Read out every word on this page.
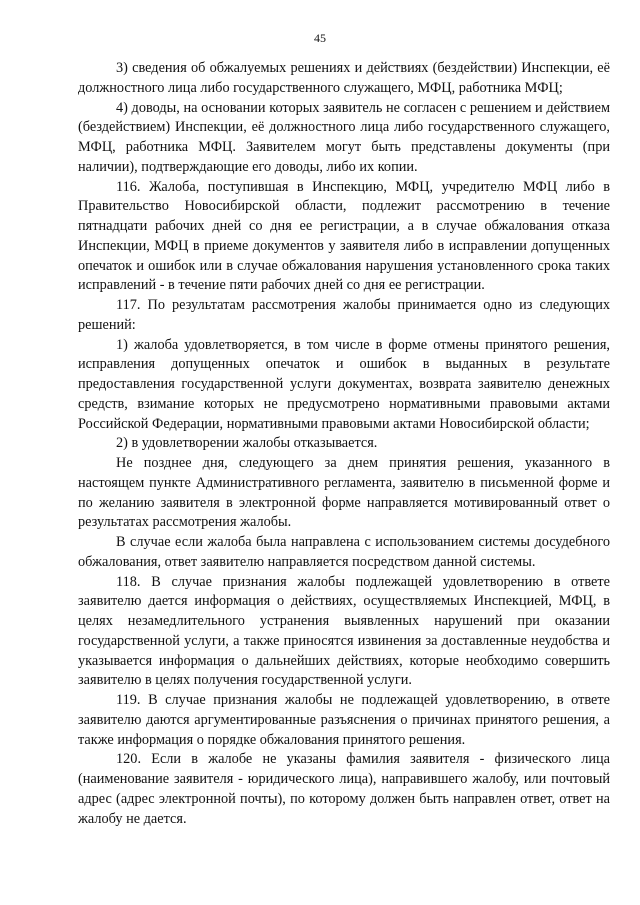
45

3) сведения об обжалуемых решениях и действиях (бездействии) Инспекции, её должностного лица либо государственного служащего, МФЦ, работника МФЦ;

4) доводы, на основании которых заявитель не согласен с решением и действием (бездействием) Инспекции, её должностного лица либо государственного служащего, МФЦ, работника МФЦ. Заявителем могут быть представлены документы (при наличии), подтверждающие его доводы, либо их копии.

116. Жалоба, поступившая в Инспекцию, МФЦ, учредителю МФЦ либо в Правительство Новосибирской области, подлежит рассмотрению в течение пятнадцати рабочих дней со дня ее регистрации, а в случае обжалования отказа Инспекции, МФЦ в приеме документов у заявителя либо в исправлении допущенных опечаток и ошибок или в случае обжалования нарушения установленного срока таких исправлений - в течение пяти рабочих дней со дня ее регистрации.

117. По результатам рассмотрения жалобы принимается одно из следующих решений:

1) жалоба удовлетворяется, в том числе в форме отмены принятого решения, исправления допущенных опечаток и ошибок в выданных в результате предоставления государственной услуги документах, возврата заявителю денежных средств, взимание которых не предусмотрено нормативными правовыми актами Российской Федерации, нормативными правовыми актами Новосибирской области;

2) в удовлетворении жалобы отказывается.

Не позднее дня, следующего за днем принятия решения, указанного в настоящем пункте Административного регламента, заявителю в письменной форме и по желанию заявителя в электронной форме направляется мотивированный ответ о результатах рассмотрения жалобы.

В случае если жалоба была направлена с использованием системы досудебного обжалования, ответ заявителю направляется посредством данной системы.

118. В случае признания жалобы подлежащей удовлетворению в ответе заявителю дается информация о действиях, осуществляемых Инспекцией, МФЦ, в целях незамедлительного устранения выявленных нарушений при оказании государственной услуги, а также приносятся извинения за доставленные неудобства и указывается информация о дальнейших действиях, которые необходимо совершить заявителю в целях получения государственной услуги.

119. В случае признания жалобы не подлежащей удовлетворению, в ответе заявителю даются аргументированные разъяснения о причинах принятого решения, а также информация о порядке обжалования принятого решения.

120. Если в жалобе не указаны фамилия заявителя - физического лица (наименование заявителя - юридического лица), направившего жалобу, или почтовый адрес (адрес электронной почты), по которому должен быть направлен ответ, ответ на жалобу не дается.
